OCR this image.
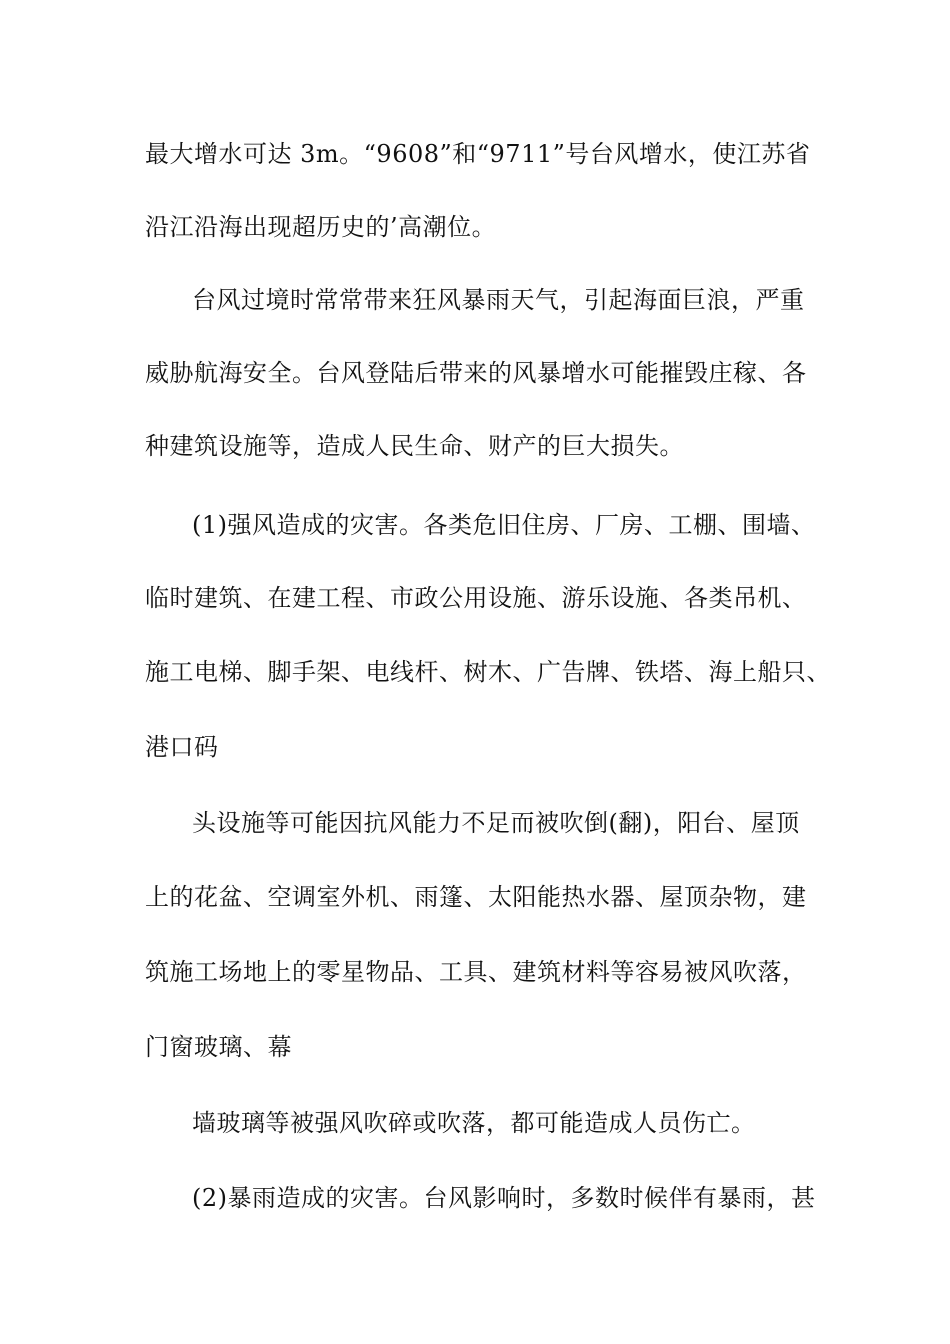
最大增水可达 3m。“9608”和“9711”号台风增水，使江苏省
沿江沿海出现超历史的’高潮位。
台风过境时常常带来狂风暴雨天气，引起海面巨浪，严重
威胁航海安全。台风登陆后带来的风暴增水可能摧毁庄稼、各
种建筑设施等，造成人民生命、财产的巨大损失。
(1)强风造成的灾害。各类危旧住房、厂房、工棚、围墙、
临时建筑、在建工程、市政公用设施、游乐设施、各类吊机、
施工电梯、脚手架、电线杆、树木、广告牌、铁塔、海上船只、
港口码
头设施等可能因抗风能力不足而被吹倒(翻)，阳台、屋顶
上的花盆、空调室外机、雨篷、太阳能热水器、屋顶杂物，建
筑施工场地上的零星物品、工具、建筑材料等容易被风吹落，
门窗玻璃、幕
墙玻璃等被强风吹碎或吹落，都可能造成人员伤亡。
(2)暴雨造成的灾害。台风影响时，多数时候伴有暴雨，甚
